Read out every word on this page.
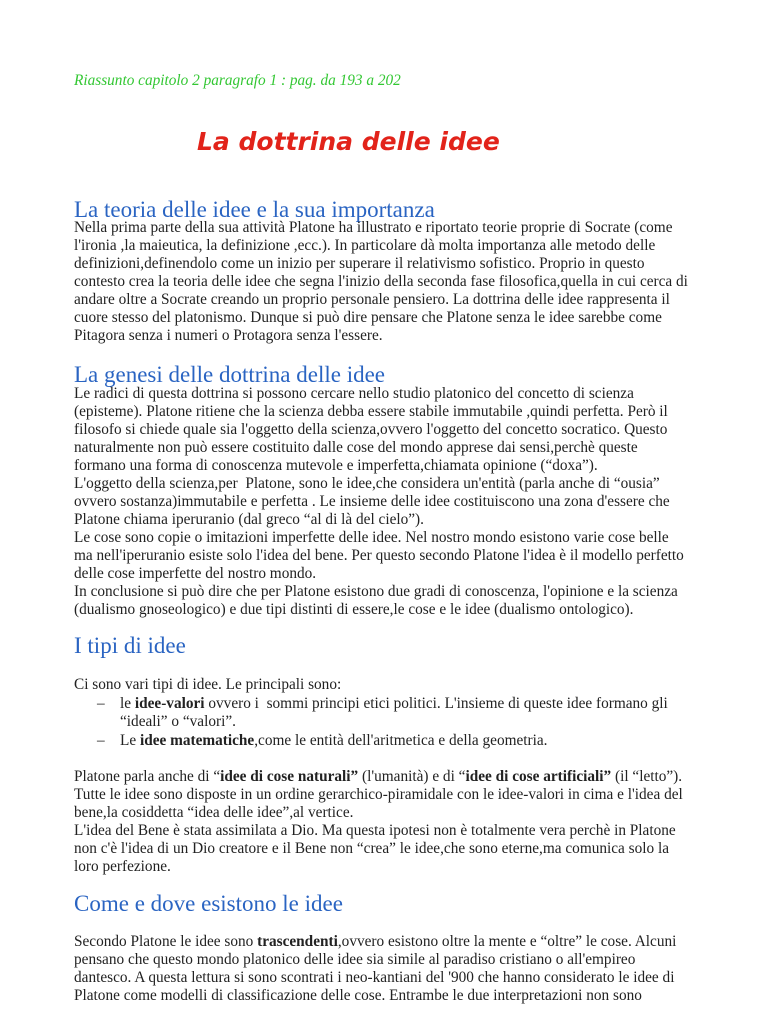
Riassunto capitolo 2 paragrafo 1 : pag. da 193 a 202

La dottrina delle idee
La teoria delle idee e la sua importanza
Nella prima parte della sua attività Platone ha illustrato e riportato teorie proprie di Socrate (come
l'ironia ,la maieutica, la definizione ,ecc.). In particolare dà molta importanza alle metodo delle
definizioni,definendolo come un inizio per superare il relativismo sofistico. Proprio in questo
contesto crea la teoria delle idee che segna l'inizio della seconda fase filosofica,quella in cui cerca di
andare oltre a Socrate creando un proprio personale pensiero. La dottrina delle idee rappresenta il
cuore stesso del platonismo. Dunque si può dire pensare che Platone senza le idee sarebbe come
Pitagora senza i numeri o Protagora senza l'essere.
La genesi delle dottrina delle idee
Le radici di questa dottrina si possono cercare nello studio platonico del concetto di scienza
(episteme). Platone ritiene che la scienza debba essere stabile immutabile ,quindi perfetta. Però il
filosofo si chiede quale sia l'oggetto della scienza,ovvero l'oggetto del concetto socratico. Questo
naturalmente non può essere costituito dalle cose del mondo apprese dai sensi,perchè queste
formano una forma di conoscenza mutevole e imperfetta,chiamata opinione (“doxa”).
L'oggetto della scienza,per  Platone, sono le idee,che considera un'entità (parla anche di “ousia”
ovvero sostanza)immutabile e perfetta . Le insieme delle idee costituiscono una zona d'essere che
Platone chiama iperuranio (dal greco “al di là del cielo”).
Le cose sono copie o imitazioni imperfette delle idee. Nel nostro mondo esistono varie cose belle
ma nell'iperuranio esiste solo l'idea del bene. Per questo secondo Platone l'idea è il modello perfetto
delle cose imperfette del nostro mondo.
In conclusione si può dire che per Platone esistono due gradi di conoscenza, l'opinione e la scienza
(dualismo gnoseologico) e due tipi distinti di essere,le cose e le idee (dualismo ontologico).
I tipi di idee
Ci sono vari tipi di idee. Le principali sono:
– le idee-valori ovvero i  sommi principi etici politici. L'insieme di queste idee formano gli
“ideali” o “valori”.
– Le idee matematiche,come le entità dell'aritmetica e della geometria.
Platone parla anche di “idee di cose naturali” (l'umanità) e di “idee di cose artificiali” (il “letto”).
Tutte le idee sono disposte in un ordine gerarchico-piramidale con le idee-valori in cima e l'idea del
bene,la cosiddetta “idea delle idee”,al vertice.
L'idea del Bene è stata assimilata a Dio. Ma questa ipotesi non è totalmente vera perchè in Platone
non c'è l'idea di un Dio creatore e il Bene non “crea” le idee,che sono eterne,ma comunica solo la
loro perfezione.
Come e dove esistono le idee
Secondo Platone le idee sono trascendenti,ovvero esistono oltre la mente e “oltre” le cose. Alcuni
pensano che questo mondo platonico delle idee sia simile al paradiso cristiano o all'empireo
dantesco. A questa lettura si sono scontrati i neo-kantiani del '900 che hanno considerato le idee di
Platone come modelli di classificazione delle cose. Entrambe le due interpretazioni non sono
